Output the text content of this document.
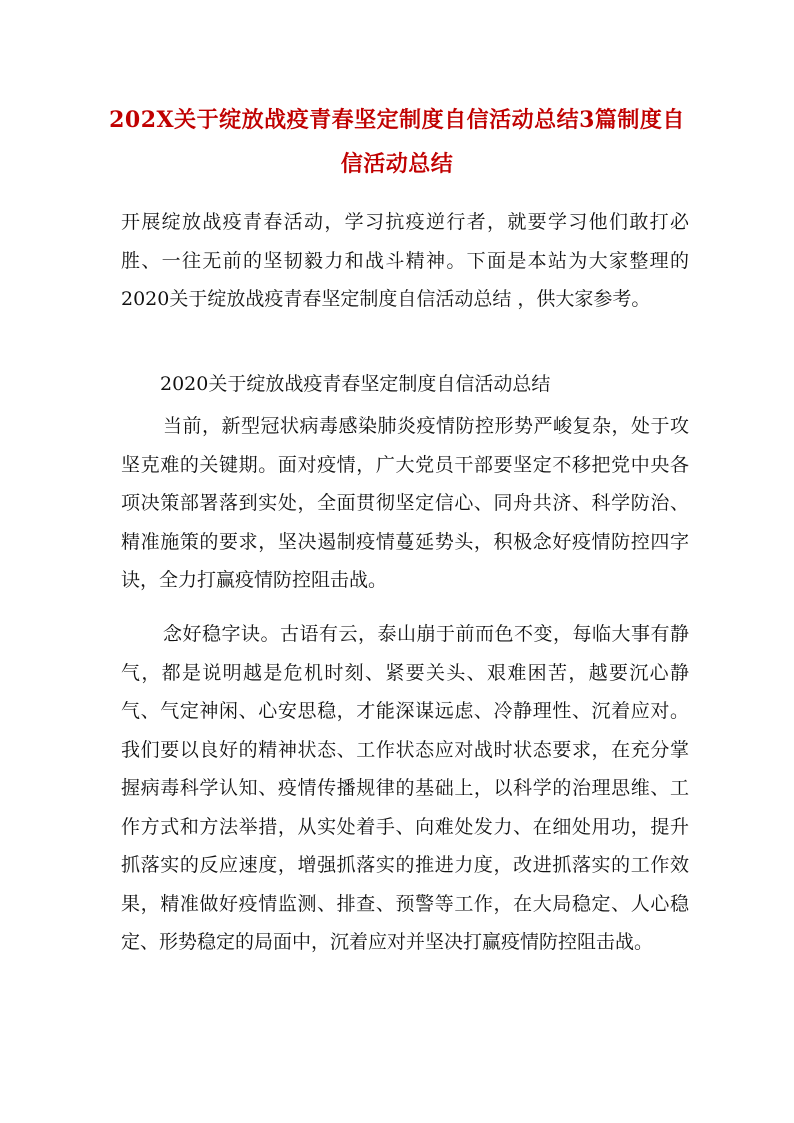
202X关于绽放战疫青春坚定制度自信活动总结3篇制度自信活动总结

开展绽放战疫青春活动，学习抗疫逆行者，就要学习他们敢打必胜、一往无前的坚韧毅力和战斗精神。下面是本站为大家整理的2020关于绽放战疫青春坚定制度自信活动总结 ，供大家参考。

2020关于绽放战疫青春坚定制度自信活动总结

当前，新型冠状病毒感染肺炎疫情防控形势严峻复杂，处于攻坚克难的关键期。面对疫情，广大党员干部要坚定不移把党中央各项决策部署落到实处，全面贯彻坚定信心、同舟共济、科学防治、精准施策的要求，坚决遏制疫情蔓延势头，积极念好疫情防控四字诀，全力打赢疫情防控阻击战。

念好稳字诀。古语有云，泰山崩于前而色不变，每临大事有静气，都是说明越是危机时刻、紧要关头、艰难困苦，越要沉心静气、气定神闲、心安思稳，才能深谋远虑、冷静理性、沉着应对。我们要以良好的精神状态、工作状态应对战时状态要求，在充分掌握病毒科学认知、疫情传播规律的基础上，以科学的治理思维、工作方式和方法举措，从实处着手、向难处发力、在细处用功，提升抓落实的反应速度，增强抓落实的推进力度，改进抓落实的工作效果，精准做好疫情监测、排查、预警等工作，在大局稳定、人心稳定、形势稳定的局面中，沉着应对并坚决打赢疫情防控阻击战。
